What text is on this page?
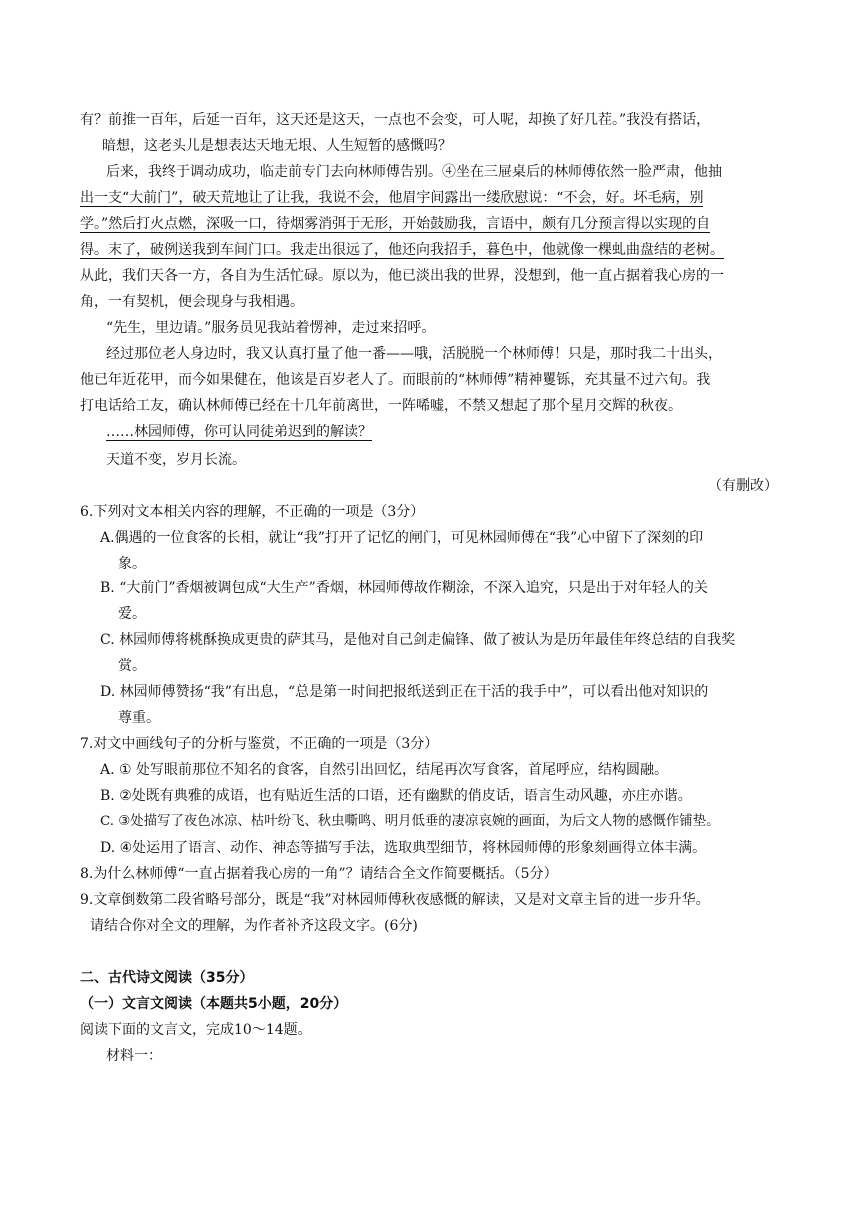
有？前推一百年，后延一百年，这天还是这天，一点也不会变，可人呢，却换了好几茬。”我没有搭话，
暗想，这老头儿是想表达天地无垠、人生短暂的感慨吗？
后来，我终于调动成功，临走前专门去向林师傅告别。④坐在三屉桌后的林师傅依然一脸严肃，他抽
出一支“大前门”，破天荒地让了让我，我说不会，他眉宇间露出一缕欣慰说：“不会，好。坏毛病，别
学。”然后打火点燃，深吸一口，待烟雾消弭于无形，开始鼓励我，言语中，颇有几分预言得以实现的自
得。末了，破例送我到车间门口。我走出很远了，他还向我招手，暮色中，他就像一棵虬曲盘结的老树。
从此，我们天各一方，各自为生活忙碌。原以为，他已淡出我的世界，没想到，他一直占据着我心房的一
角，一有契机，便会现身与我相遇。
“先生，里边请。”服务员见我站着愣神，走过来招呼。
经过那位老人身边时，我又认真打量了他一番——哦，活脱脱一个林师傅！只是，那时我二十出头，
他已年近花甲，而今如果健在，他该是百岁老人了。而眼前的“林师傅”精神矍铄，充其量不过六旬。我
打电话给工友，确认林师傅已经在十几年前离世，一阵唏嘘，不禁又想起了那个星月交辉的秋夜。
……林园师傅，你可认同徒弟迟到的解读？
天道不变，岁月长流。
（有删改）
6.下列对文本相关内容的理解，不正确的一项是（3分）
A.偶遇的一位食客的长相，就让“我”打开了记忆的闸门，可见林园师傅在“我”心中留下了深刻的印
象。
B. “大前门”香烟被调包成“大生产”香烟，林园师傅故作糊涂，不深入追究，只是出于对年轻人的关
爱。
C. 林园师傅将桃酥换成更贵的萨其马，是他对自己剑走偏锋、做了被认为是历年最佳年终总结的自我奖
赏。
D. 林园师傅赞扬“我”有出息，“总是第一时间把报纸送到正在干活的我手中”，可以看出他对知识的
尊重。
7.对文中画线句子的分析与鉴赏，不正确的一项是（3分）
A. ① 处写眼前那位不知名的食客，自然引出回忆，结尾再次写食客，首尾呼应，结构圆融。
B. ②处既有典雅的成语，也有贴近生活的口语，还有幽默的俏皮话，语言生动风趣，亦庄亦谐。
C. ③处描写了夜色冰凉、枯叶纷飞、秋虫嘶鸣、明月低垂的凄凉哀婉的画面，为后文人物的感慨作铺垫。
D. ④处运用了语言、动作、神态等描写手法，选取典型细节，将林园师傅的形象刻画得立体丰满。
8.为什么林师傅“一直占据着我心房的一角”？请结合全文作简要概括。（5分）
9.文章倒数第二段省略号部分，既是“我”对林园师傅秋夜感慨的解读，又是对文章主旨的进一步升华。
请结合你对全文的理解，为作者补齐这段文字。(6分)
二、古代诗文阅读（35分）
（一）文言文阅读（本题共5小题，20分）
阅读下面的文言文，完成10～14题。
材料一：
